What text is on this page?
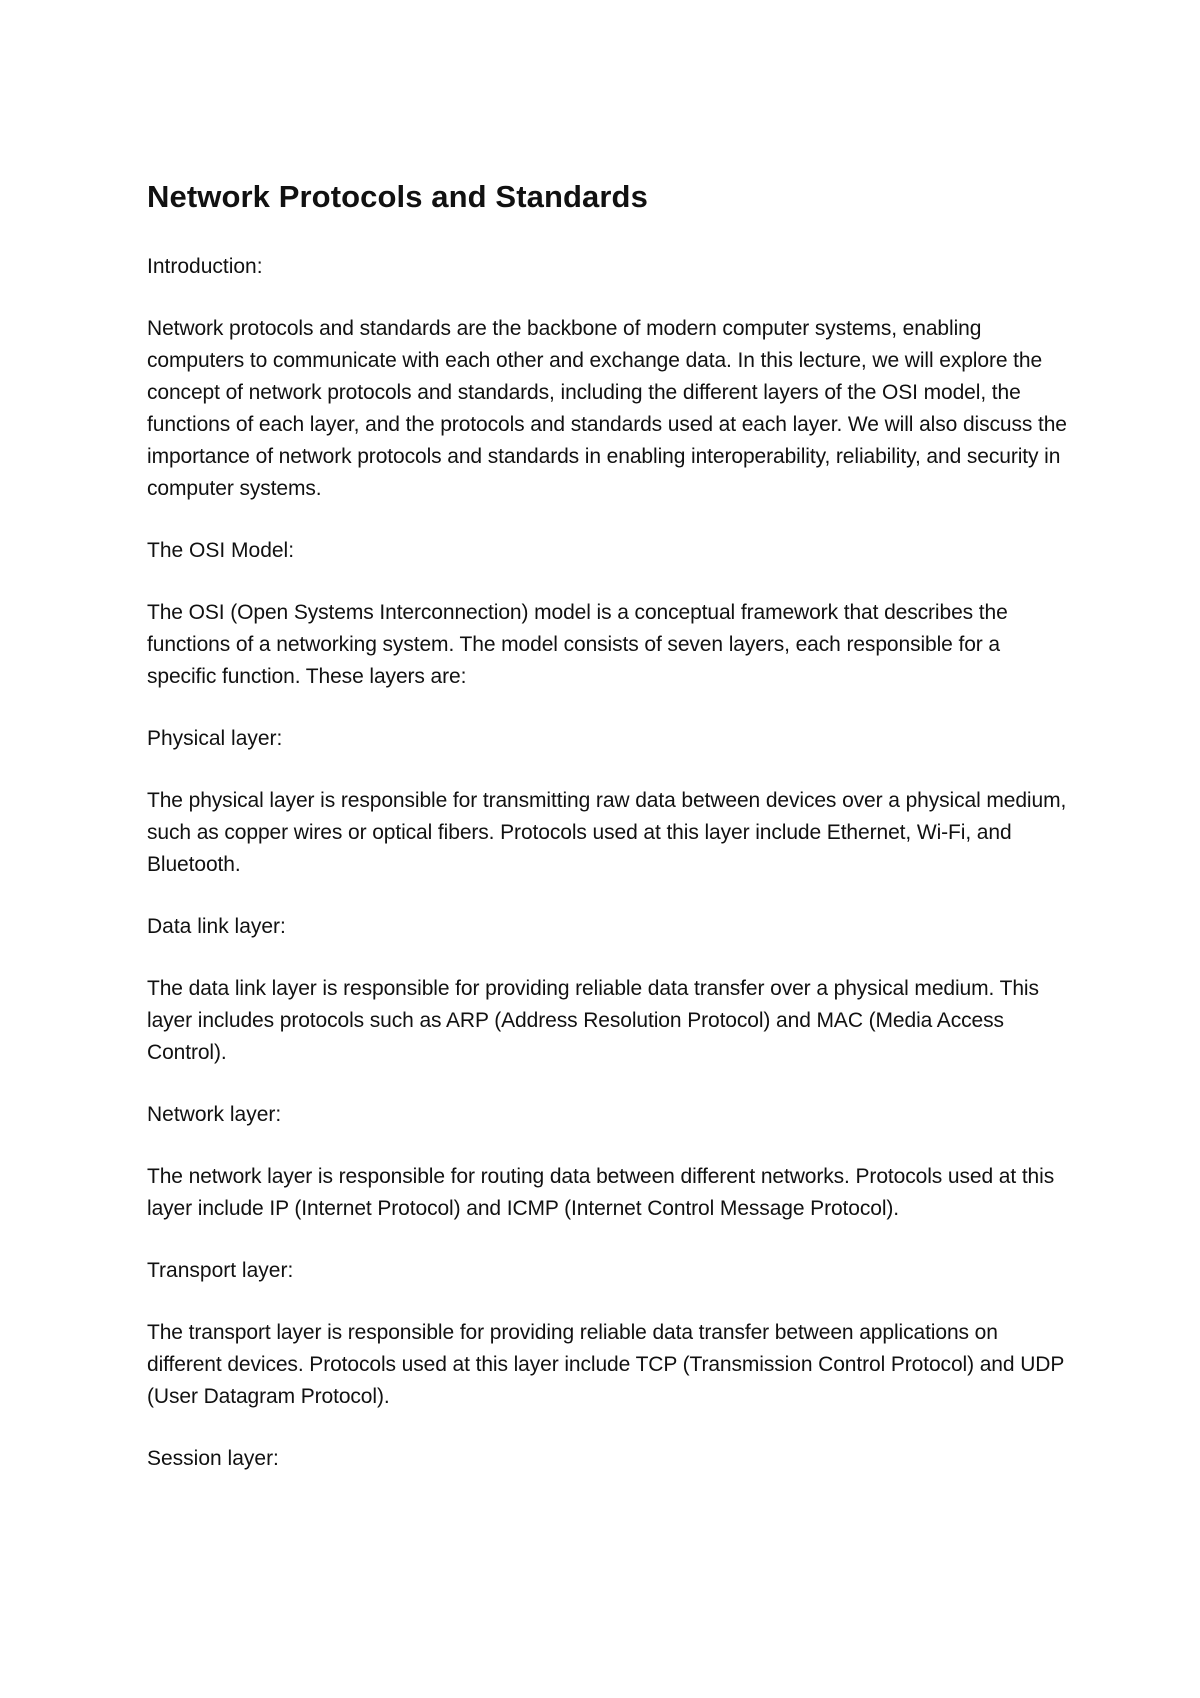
Network Protocols and Standards
Introduction:
Network protocols and standards are the backbone of modern computer systems, enabling computers to communicate with each other and exchange data. In this lecture, we will explore the concept of network protocols and standards, including the different layers of the OSI model, the functions of each layer, and the protocols and standards used at each layer. We will also discuss the importance of network protocols and standards in enabling interoperability, reliability, and security in computer systems.
The OSI Model:
The OSI (Open Systems Interconnection) model is a conceptual framework that describes the functions of a networking system. The model consists of seven layers, each responsible for a specific function. These layers are:
Physical layer:
The physical layer is responsible for transmitting raw data between devices over a physical medium, such as copper wires or optical fibers. Protocols used at this layer include Ethernet, Wi-Fi, and Bluetooth.
Data link layer:
The data link layer is responsible for providing reliable data transfer over a physical medium. This layer includes protocols such as ARP (Address Resolution Protocol) and MAC (Media Access Control).
Network layer:
The network layer is responsible for routing data between different networks. Protocols used at this layer include IP (Internet Protocol) and ICMP (Internet Control Message Protocol).
Transport layer:
The transport layer is responsible for providing reliable data transfer between applications on different devices. Protocols used at this layer include TCP (Transmission Control Protocol) and UDP (User Datagram Protocol).
Session layer:
